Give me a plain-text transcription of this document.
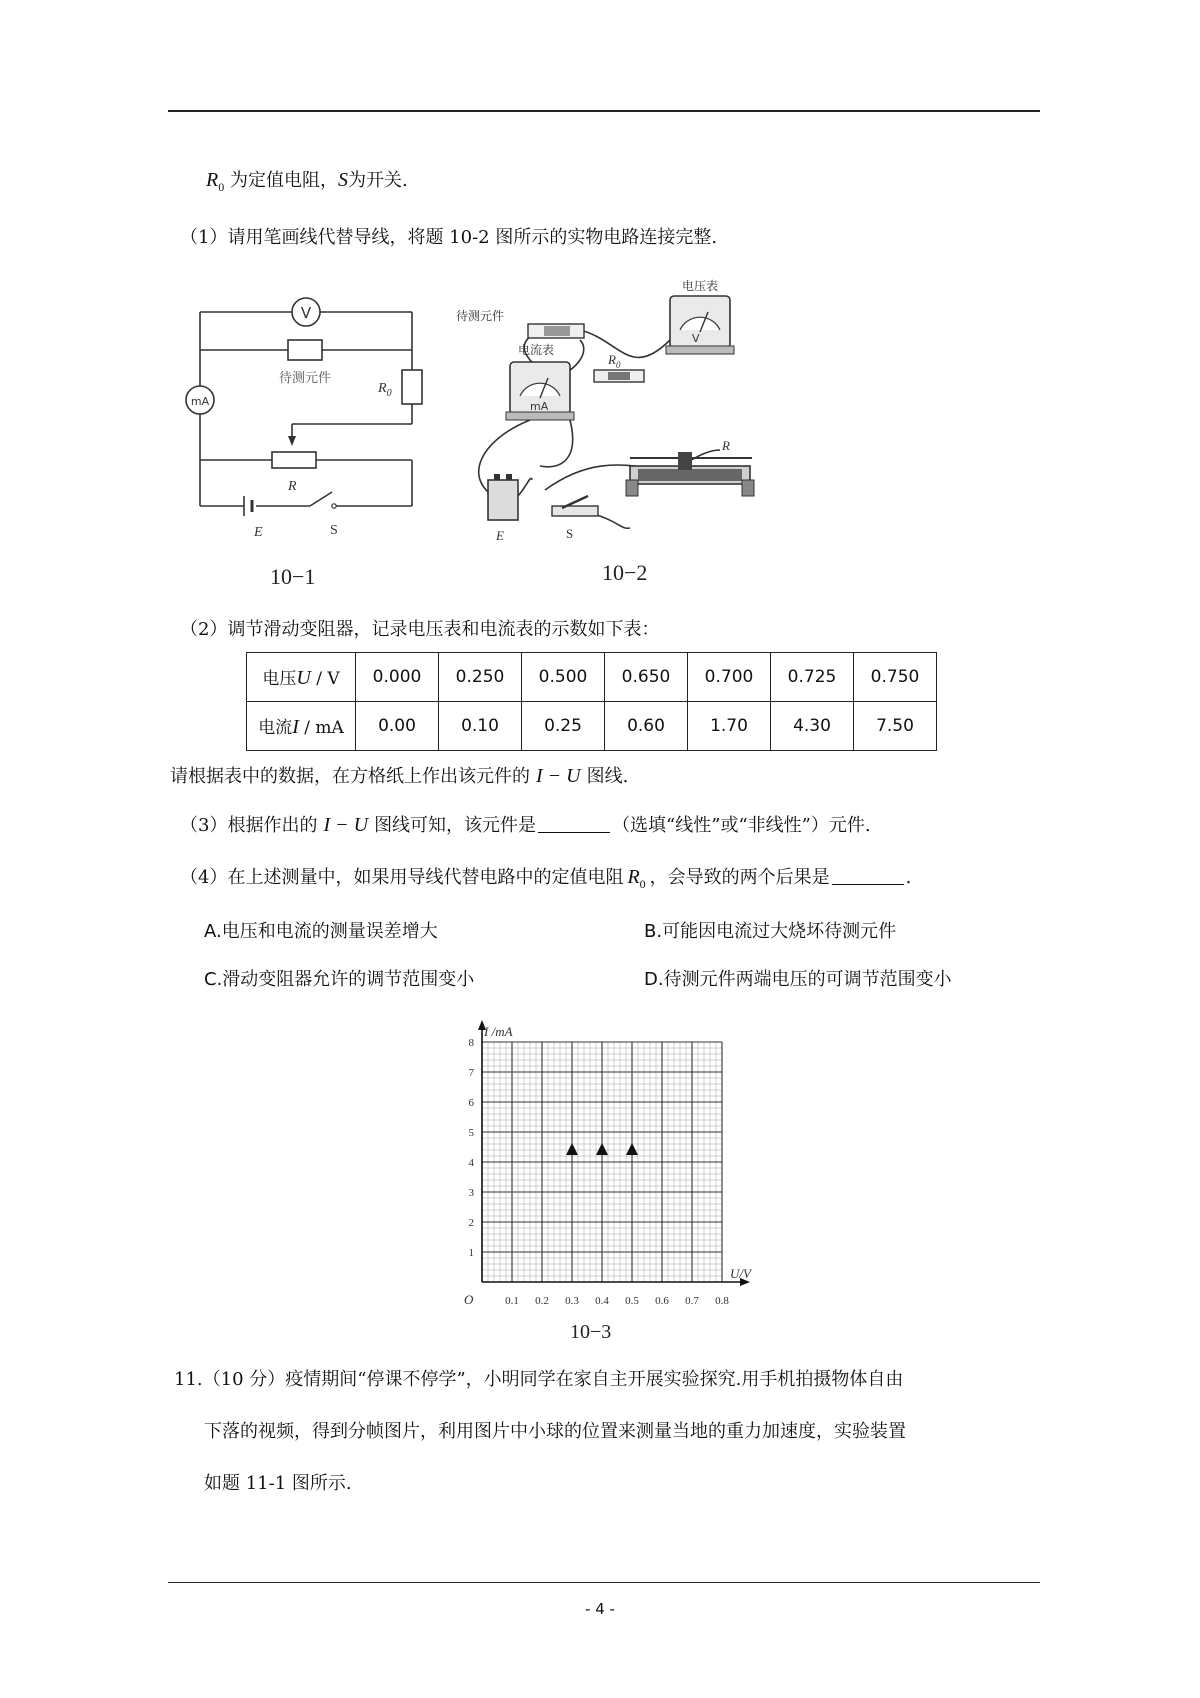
$R_0$ 为定值电阻，S为开关.
（1）请用笔画线代替导线，将题 10-2 图所示的实物电路连接完整.
V
mA
待测元件
$R_0$
R
E	S
10−1
待测元件
电压表
电流表
mA
V
$R_0$
R
E	S
10−2
（2）调节滑动变阻器，记录电压表和电流表的示数如下表：
电压U / V	0.000	0.250	0.500	0.650	0.700	0.725	0.750
电流I / mA	0.00	0.10	0.25	0.60	1.70	4.30	7.50
请根据表中的数据，在方格纸上作出该元件的 I − U 图线.
（3）根据作出的 I − U 图线可知，该元件是	（选填“线性”或“非线性”）元件.
（4）在上述测量中，如果用导线代替电路中的定值电阻 $R_0$ ，会导致的两个后果是	.
A.电压和电流的测量误差增大	B.可能因电流过大烧坏待测元件
C.滑动变阻器允许的调节范围变小	D.待测元件两端电压的可调节范围变小
1
2
3
4
5
6
7
8
0.1 0.2 0.3 0.4 0.5 0.6 0.7 0.8
I /mA
U/V
O
10−3
11.（10 分）疫情期间“停课不停学”，小明同学在家自主开展实验探究.用手机拍摄物体自由
下落的视频，得到分帧图片，利用图片中小球的位置来测量当地的重力加速度，实验装置
如题 11-1 图所示.
- 4 -
